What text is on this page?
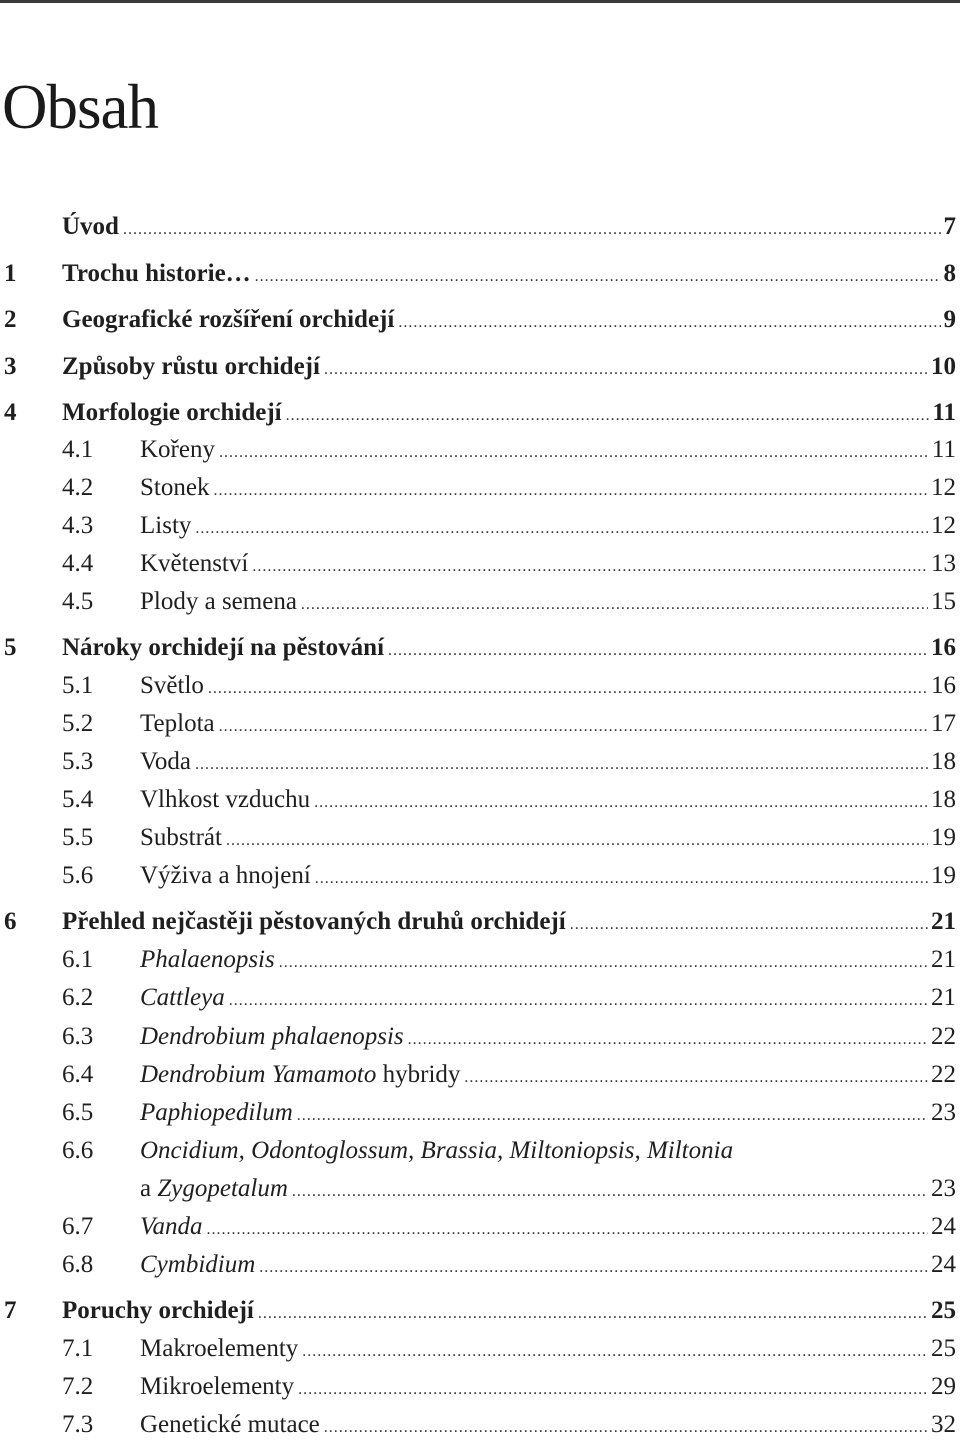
Obsah
Úvod .....	7
1 Trochu historie… .....	8
2 Geografické rozšíření orchidejí .....	9
3 Způsoby růstu orchidejí .....	10
4 Morfologie orchidejí .....	11
4.1 Kořeny .....	11
4.2 Stonek .....	12
4.3 Listy .....	12
4.4 Květenství .....	13
4.5 Plody a semena .....	15
5 Nároky orchidejí na pěstování .....	16
5.1 Světlo .....	16
5.2 Teplota .....	17
5.3 Voda .....	18
5.4 Vlhkost vzduchu .....	18
5.5 Substrát .....	19
5.6 Výživa a hnojení .....	19
6 Přehled nejčastěji pěstovaných druhů orchidejí .....	21
6.1 Phalaenopsis .....	21
6.2 Cattleya .....	21
6.3 Dendrobium phalaenopsis .....	22
6.4 Dendrobium Yamamoto hybridy .....	22
6.5 Paphiopedilum .....	23
6.6 Oncidium, Odontoglossum, Brassia, Miltoniopsis, Miltonia
a Zygopetalum .....	23
6.7 Vanda .....	24
6.8 Cymbidium .....	24
7 Poruchy orchidejí .....	25
7.1 Makroelementy .....	25
7.2 Mikroelementy .....	29
7.3 Genetické mutace .....	32
